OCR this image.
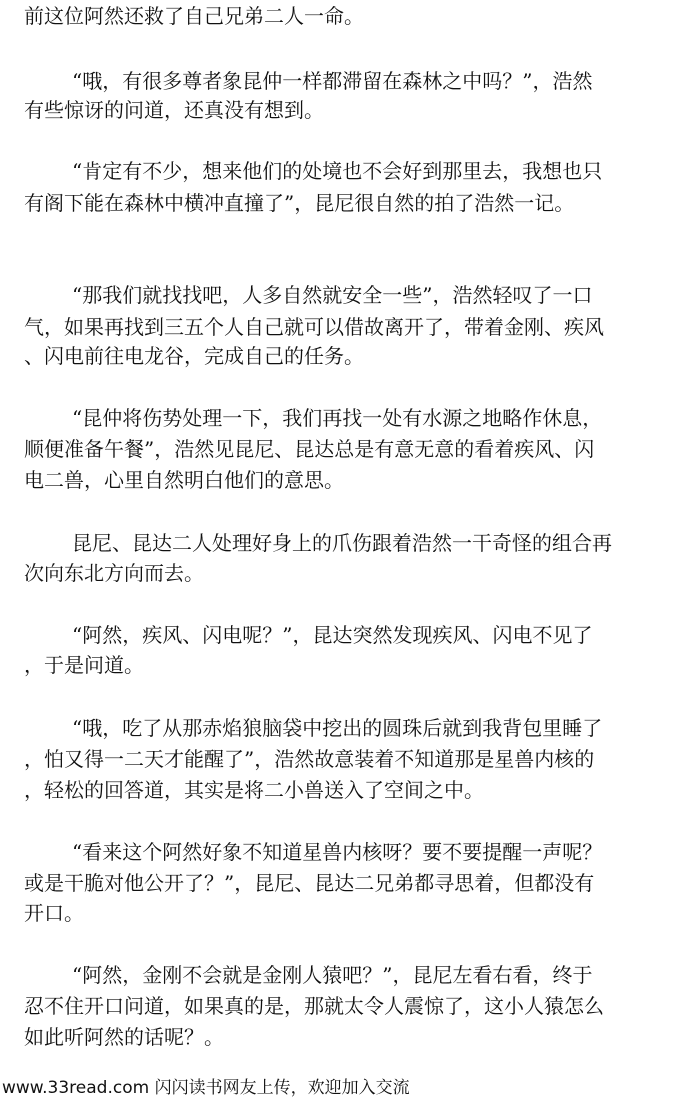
前这位阿然还救了自己兄弟二人一命。
“哦，有很多尊者象昆仲一样都滞留在森林之中吗？”，浩然
有些惊讶的问道，还真没有想到。
“肯定有不少，想来他们的处境也不会好到那里去，我想也只
有阁下能在森林中横冲直撞了”，昆尼很自然的拍了浩然一记。
“那我们就找找吧，人多自然就安全一些”，浩然轻叹了一口
气，如果再找到三五个人自己就可以借故离开了，带着金刚、疾风
、闪电前往电龙谷，完成自己的任务。
“昆仲将伤势处理一下，我们再找一处有水源之地略作休息，
顺便准备午餐”，浩然见昆尼、昆达总是有意无意的看着疾风、闪
电二兽，心里自然明白他们的意思。
昆尼、昆达二人处理好身上的爪伤跟着浩然一干奇怪的组合再
次向东北方向而去。
“阿然，疾风、闪电呢？”，昆达突然发现疾风、闪电不见了
，于是问道。
“哦，吃了从那赤焰狼脑袋中挖出的圆珠后就到我背包里睡了
，怕又得一二天才能醒了”，浩然故意装着不知道那是星兽内核的
，轻松的回答道，其实是将二小兽送入了空间之中。
“看来这个阿然好象不知道星兽内核呀？要不要提醒一声呢？
或是干脆对他公开了？”，昆尼、昆达二兄弟都寻思着，但都没有
开口。
“阿然，金刚不会就是金刚人猿吧？”，昆尼左看右看，终于
忍不住开口问道，如果真的是，那就太令人震惊了，这小人猿怎么
如此听阿然的话呢？。
www.33read.com 闪闪读书网友上传，欢迎加入交流
